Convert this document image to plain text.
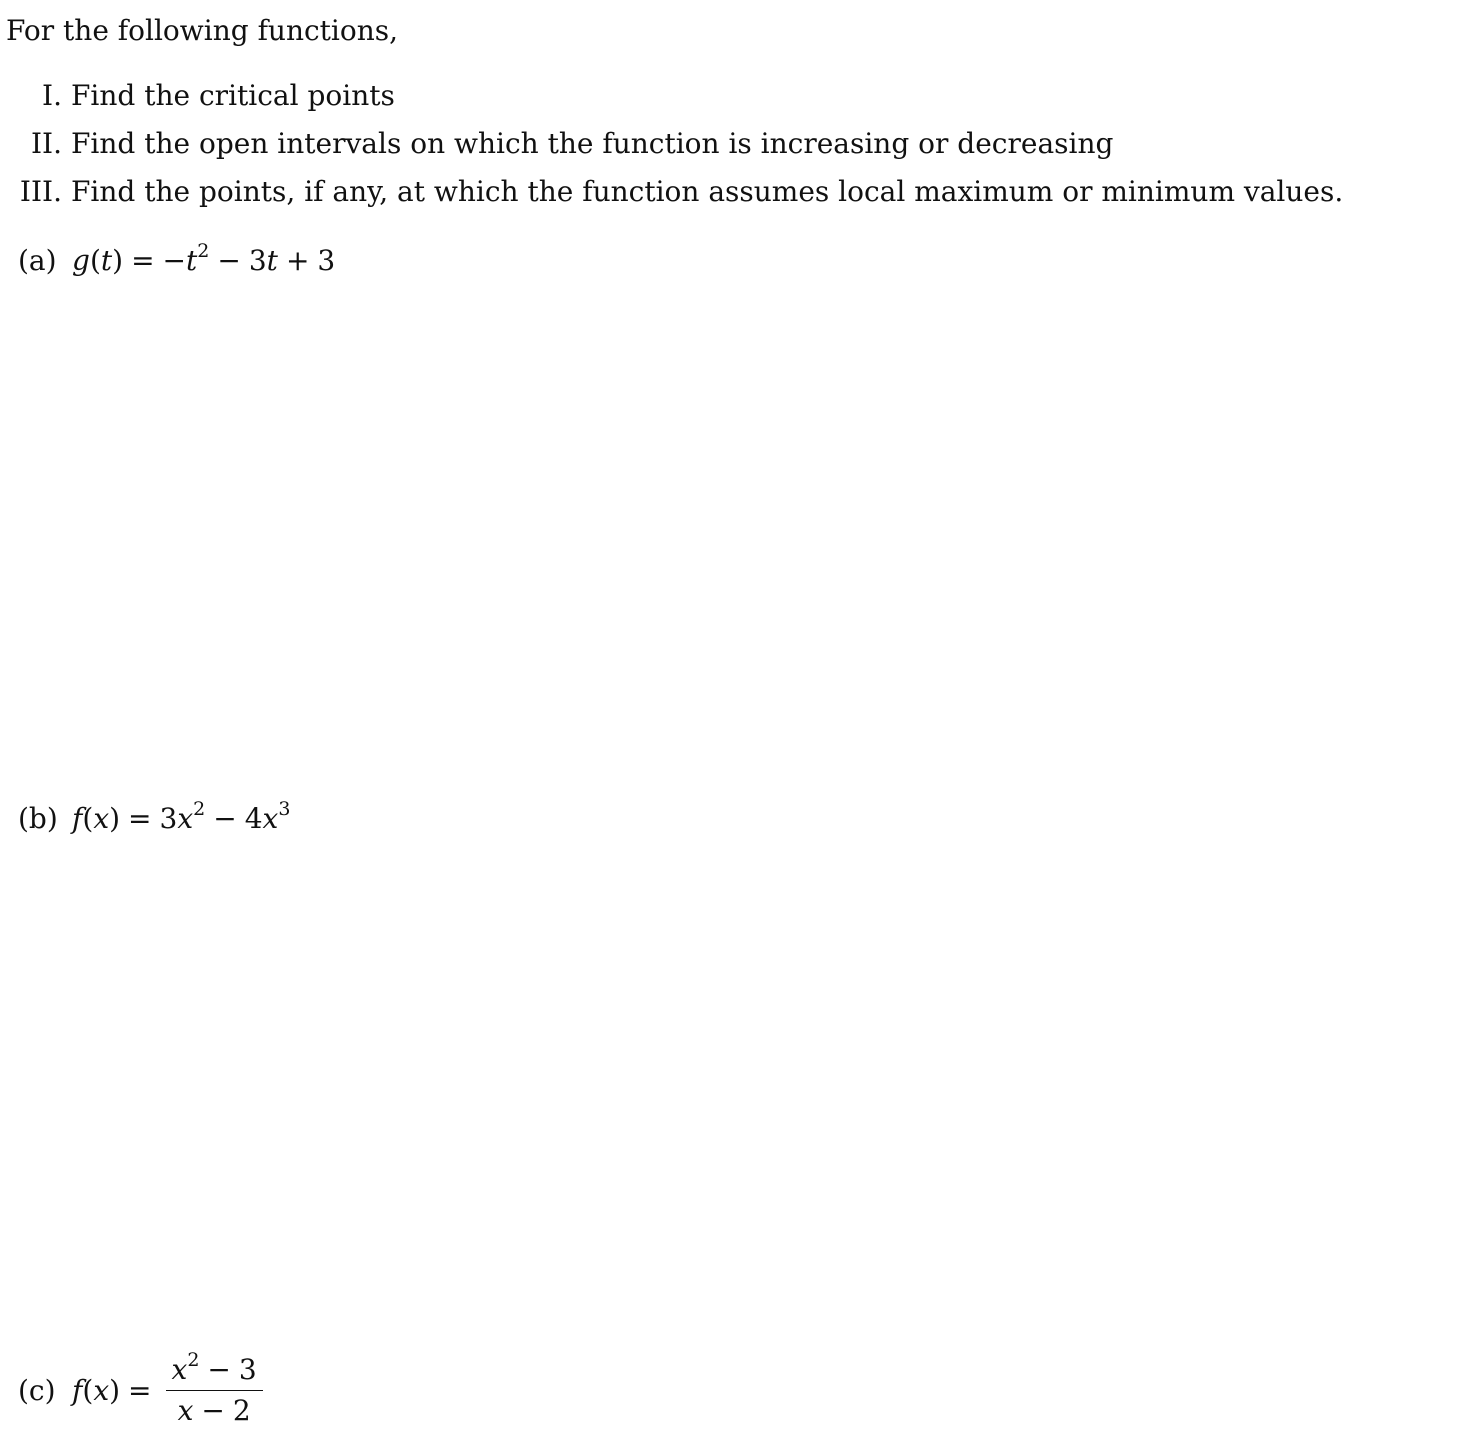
For the following functions,
I. Find the critical points
II. Find the open intervals on which the function is increasing or decreasing
III. Find the points, if any, at which the function assumes local maximum or minimum values.
(a) $g(t) = -t^2 - 3t + 3$
(b) $f(x) = 3x^2 - 4x^3$
(c) $f(x) = \frac{x^2 - 3}{x - 2}$
